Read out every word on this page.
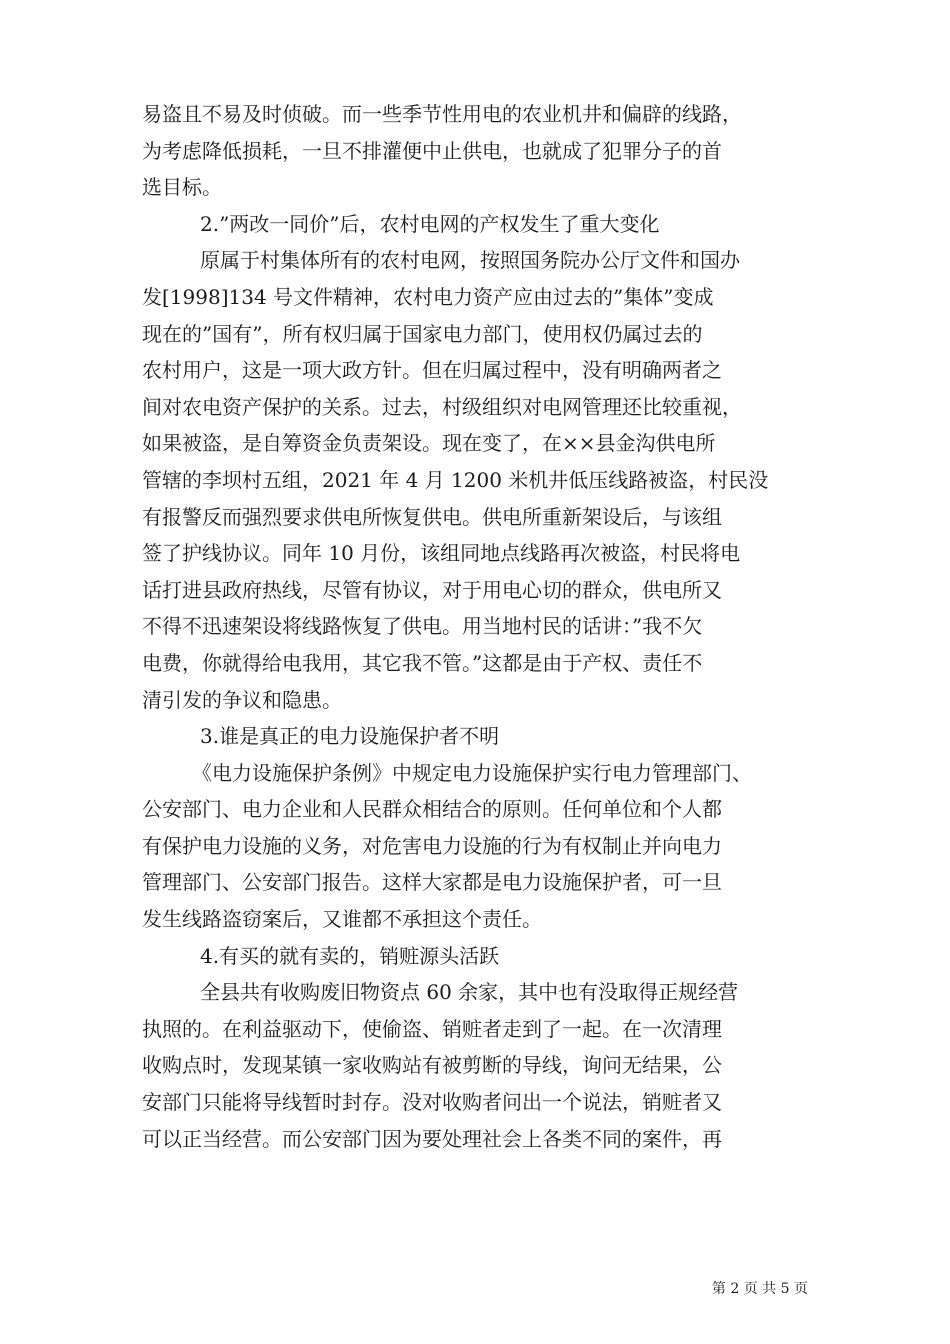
易盗且不易及时侦破。而一些季节性用电的农业机井和偏辟的线路，
为考虑降低损耗，一旦不排灌便中止供电，也就成了犯罪分子的首
选目标。
2.”两改一同价”后，农村电网的产权发生了重大变化
原属于村集体所有的农村电网，按照国务院办公厅文件和国办
发[1998]134 号文件精神，农村电力资产应由过去的”集体”变成
现在的”国有”，所有权归属于国家电力部门，使用权仍属过去的
农村用户，这是一项大政方针。但在归属过程中，没有明确两者之
间对农电资产保护的关系。过去，村级组织对电网管理还比较重视，
如果被盗，是自筹资金负责架设。现在变了，在××县金沟供电所
管辖的李坝村五组，2021 年 4 月 1200 米机井低压线路被盗，村民没
有报警反而强烈要求供电所恢复供电。供电所重新架设后，与该组
签了护线协议。同年 10 月份，该组同地点线路再次被盗，村民将电
话打进县政府热线，尽管有协议，对于用电心切的群众，供电所又
不得不迅速架设将线路恢复了供电。用当地村民的话讲：”我不欠
电费，你就得给电我用，其它我不管。”这都是由于产权、责任不
清引发的争议和隐患。
3.谁是真正的电力设施保护者不明
《电力设施保护条例》中规定电力设施保护实行电力管理部门、
公安部门、电力企业和人民群众相结合的原则。任何单位和个人都
有保护电力设施的义务，对危害电力设施的行为有权制止并向电力
管理部门、公安部门报告。这样大家都是电力设施保护者，可一旦
发生线路盗窃案后，又谁都不承担这个责任。
4.有买的就有卖的，销赃源头活跃
全县共有收购废旧物资点 60 余家，其中也有没取得正规经营
执照的。在利益驱动下，使偷盗、销赃者走到了一起。在一次清理
收购点时，发现某镇一家收购站有被剪断的导线，询问无结果，公
安部门只能将导线暂时封存。没对收购者问出一个说法，销赃者又
可以正当经营。而公安部门因为要处理社会上各类不同的案件，再
第 2 页 共 5 页
